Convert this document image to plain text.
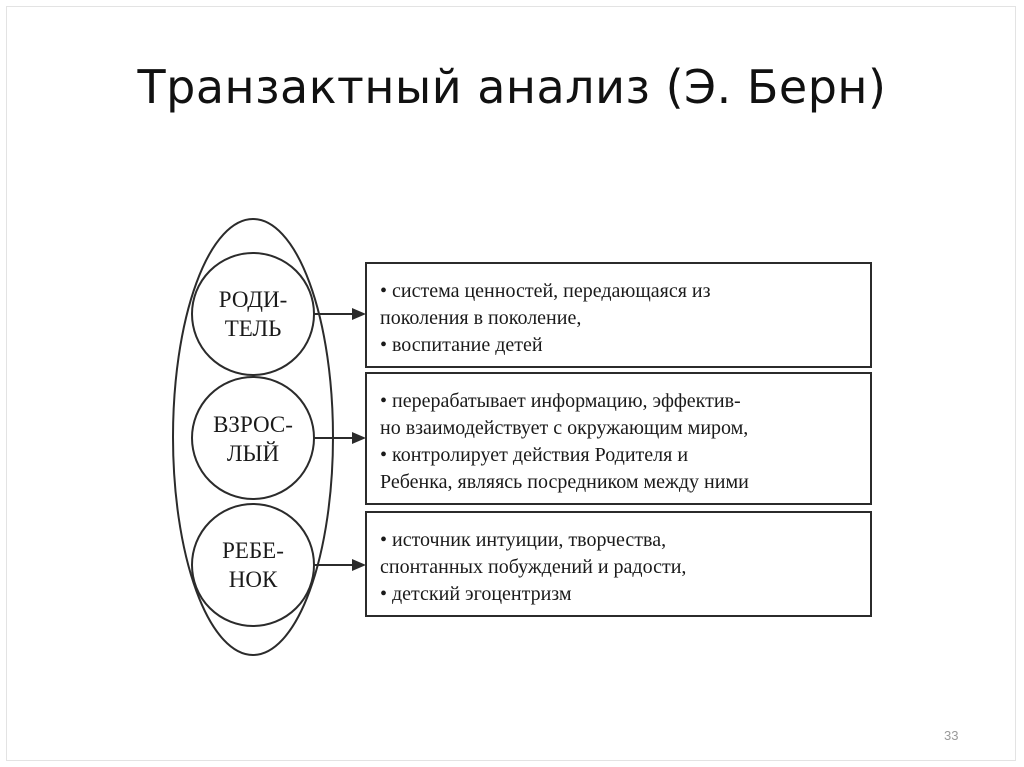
Транзактный анализ (Э. Берн)
РОДИ-
ТЕЛЬ
• система ценностей, передающаяся из
поколения в поколение,
• воспитание детей
ВЗРОС-
ЛЫЙ
• перерабатывает информацию, эффектив-
но взаимодействует с окружающим миром,
• контролирует действия Родителя и
Ребенка, являясь посредником между ними
РЕБЕ-
НОК
• источник интуиции, творчества,
спонтанных побуждений и радости,
• детский эгоцентризм
33
